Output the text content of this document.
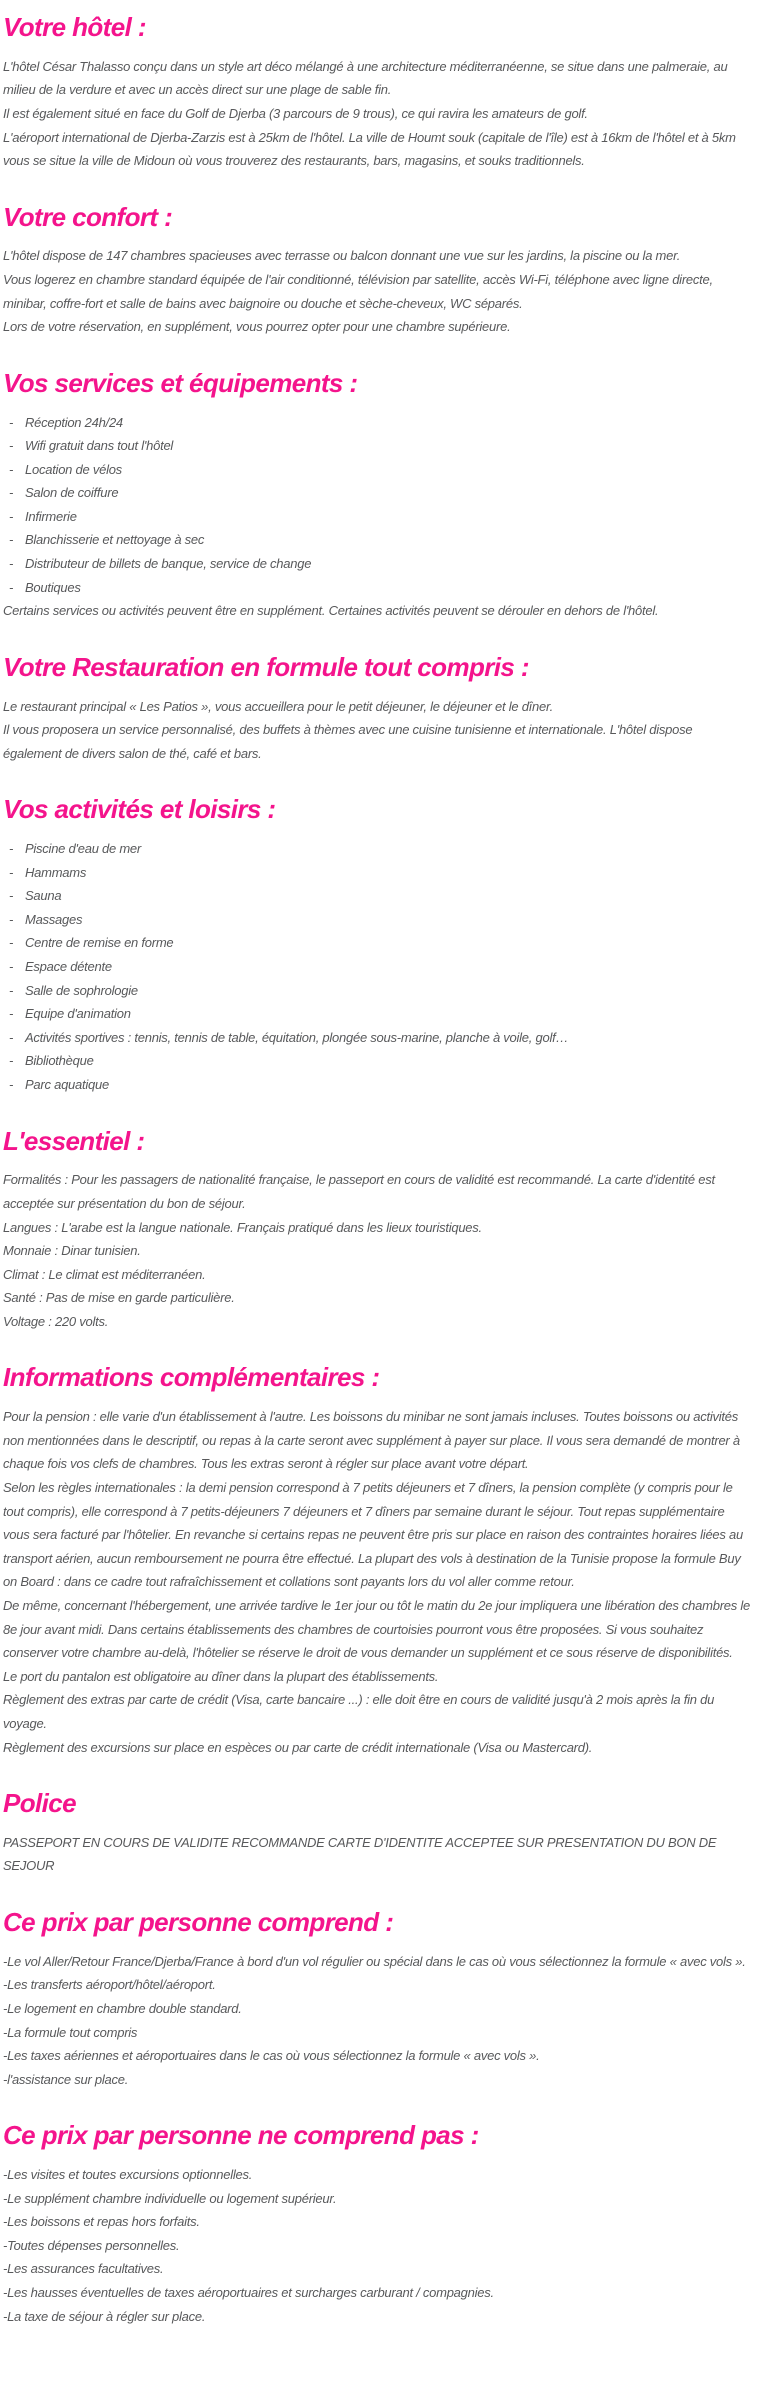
Votre hôtel :

L'hôtel César Thalasso conçu dans un style art déco mélangé à une architecture méditerranéenne, se situe dans une palmeraie, au milieu de la verdure et avec un accès direct sur une plage de sable fin.

Il est également situé en face du Golf de Djerba (3 parcours de 9 trous), ce qui ravira les amateurs de golf.

L'aéroport international de Djerba-Zarzis est à 25km de l'hôtel. La ville de Houmt souk (capitale de l'île) est à 16km de l'hôtel et à 5km vous se situe la ville de Midoun où vous trouverez des restaurants, bars, magasins, et souks traditionnels.

Votre confort :

L'hôtel dispose de 147 chambres spacieuses avec terrasse ou balcon donnant une vue sur les jardins, la piscine ou la mer.

Vous logerez en chambre standard équipée de l'air conditionné, télévision par satellite, accès Wi-Fi, téléphone avec ligne directe, minibar, coffre-fort et salle de bains avec baignoire ou douche et sèche-cheveux, WC séparés.

Lors de votre réservation, en supplément, vous pourrez opter pour une chambre supérieure.

Vos services et équipements :
- Réception 24h/24
- Wifi gratuit dans tout l'hôtel
- Location de vélos
- Salon de coiffure
- Infirmerie
- Blanchisserie et nettoyage à sec
- Distributeur de billets de banque, service de change
- Boutiques

Certains services ou activités peuvent être en supplément. Certaines activités peuvent se dérouler en dehors de l'hôtel.

Votre Restauration en formule tout compris :

Le restaurant principal « Les Patios », vous accueillera pour le petit déjeuner, le déjeuner et le dîner.

Il vous proposera un service personnalisé, des buffets à thèmes avec une cuisine tunisienne et internationale. L'hôtel dispose également de divers salon de thé, café et bars.

Vos activités et loisirs :
- Piscine d'eau de mer
- Hammams
- Sauna
- Massages
- Centre de remise en forme
- Espace détente
- Salle de sophrologie
- Equipe d'animation
- Activités sportives : tennis, tennis de table, équitation, plongée sous-marine, planche à voile, golf…
- Bibliothèque
- Parc aquatique
L'essentiel :

Formalités : Pour les passagers de nationalité française, le passeport en cours de validité est recommandé. La carte d'identité est acceptée sur présentation du bon de séjour.

Langues : L'arabe est la langue nationale. Français pratiqué dans les lieux touristiques.

Monnaie : Dinar tunisien.

Climat : Le climat est méditerranéen.

Santé : Pas de mise en garde particulière.

Voltage : 220 volts.

Informations complémentaires :

Pour la pension : elle varie d'un établissement à l'autre. Les boissons du minibar ne sont jamais incluses. Toutes boissons ou activités non mentionnées dans le descriptif, ou repas à la carte seront avec supplément à payer sur place. Il vous sera demandé de montrer à chaque fois vos clefs de chambres. Tous les extras seront à régler sur place avant votre départ.

Selon les règles internationales : la demi pension correspond à 7 petits déjeuners et 7 dîners, la pension complète (y compris pour le tout compris), elle correspond à 7 petits-déjeuners 7 déjeuners et 7 dîners par semaine durant le séjour. Tout repas supplémentaire vous sera facturé par l'hôtelier. En revanche si certains repas ne peuvent être pris sur place en raison des contraintes horaires liées au transport aérien, aucun remboursement ne pourra être effectué. La plupart des vols à destination de la Tunisie propose la formule Buy on Board : dans ce cadre tout rafraîchissement et collations sont payants lors du vol aller comme retour.

De même, concernant l'hébergement, une arrivée tardive le 1er jour ou tôt le matin du 2e jour impliquera une libération des chambres le 8e jour avant midi. Dans certains établissements des chambres de courtoisies pourront vous être proposées. Si vous souhaitez conserver votre chambre au-delà, l'hôtelier se réserve le droit de vous demander un supplément et ce sous réserve de disponibilités.

Le port du pantalon est obligatoire au dîner dans la plupart des établissements.

Règlement des extras par carte de crédit (Visa, carte bancaire ...) : elle doit être en cours de validité jusqu'à 2 mois après la fin du voyage.

Règlement des excursions sur place en espèces ou par carte de crédit internationale (Visa ou Mastercard).

Police

PASSEPORT EN COURS DE VALIDITE RECOMMANDE CARTE D'IDENTITE ACCEPTEE SUR PRESENTATION DU BON DE SEJOUR

Ce prix par personne comprend :

-Le vol Aller/Retour France/Djerba/France à bord d'un vol régulier ou spécial dans le cas où vous sélectionnez la formule « avec vols ».

-Les transferts aéroport/hôtel/aéroport.

-Le logement en chambre double standard.

-La formule tout compris

-Les taxes aériennes et aéroportuaires dans le cas où vous sélectionnez la formule « avec vols ».

-l'assistance sur place.

Ce prix par personne ne comprend pas :

-Les visites et toutes excursions optionnelles.

-Le supplément chambre individuelle ou logement supérieur.

-Les boissons et repas hors forfaits.

-Toutes dépenses personnelles.

-Les assurances facultatives.

-Les hausses éventuelles de taxes aéroportuaires et surcharges carburant / compagnies.

-La taxe de séjour à régler sur place.
